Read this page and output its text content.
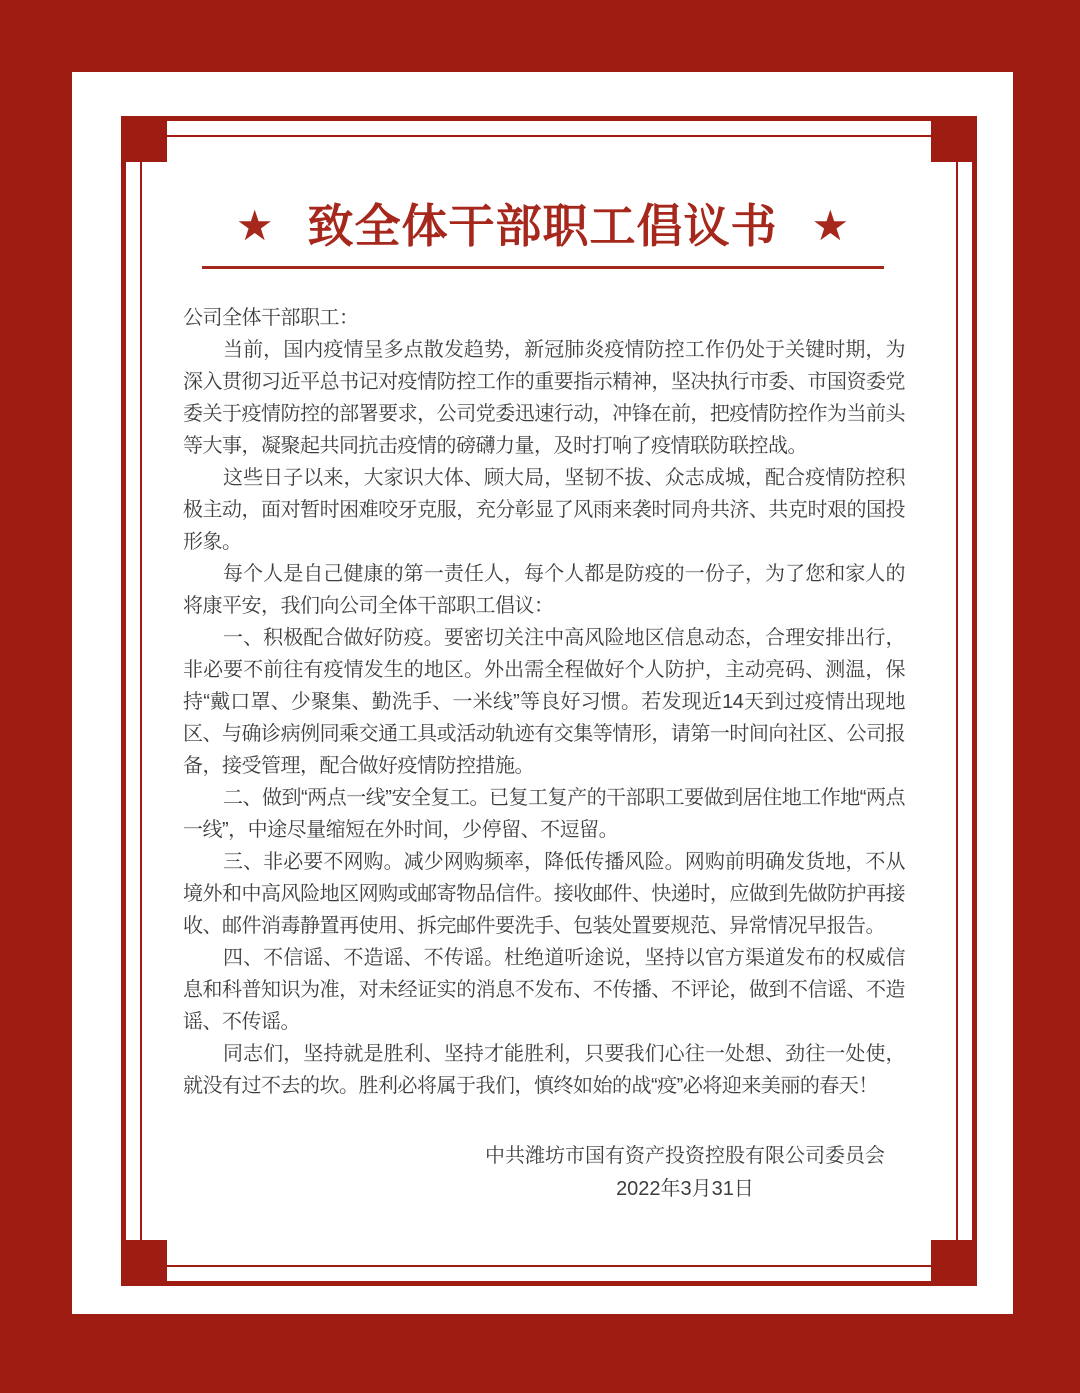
★ 致全体干部职工倡议书 ★

公司全体干部职工：

当前，国内疫情呈多点散发趋势，新冠肺炎疫情防控工作仍处于关键时期，为深入贯彻习近平总书记对疫情防控工作的重要指示精神，坚决执行市委、市国资委党委关于疫情防控的部署要求，公司党委迅速行动，冲锋在前，把疫情防控作为当前头等大事，凝聚起共同抗击疫情的磅礴力量，及时打响了疫情联防联控战。

这些日子以来，大家识大体、顾大局，坚韧不拔、众志成城，配合疫情防控积极主动，面对暂时困难咬牙克服，充分彰显了风雨来袭时同舟共济、共克时艰的国投形象。

每个人是自己健康的第一责任人，每个人都是防疫的一份子，为了您和家人的将康平安，我们向公司全体干部职工倡议：

一、积极配合做好防疫。要密切关注中高风险地区信息动态，合理安排出行，非必要不前往有疫情发生的地区。外出需全程做好个人防护，主动亮码、测温，保持“戴口罩、少聚集、勤洗手、一米线”等良好习惯。若发现近14天到过疫情出现地区、与确诊病例同乘交通工具或活动轨迹有交集等情形，请第一时间向社区、公司报备，接受管理，配合做好疫情防控措施。

二、做到“两点一线”安全复工。已复工复产的干部职工要做到居住地工作地“两点一线”，中途尽量缩短在外时间，少停留、不逗留。

三、非必要不网购。减少网购频率，降低传播风险。网购前明确发货地，不从境外和中高风险地区网购或邮寄物品信件。接收邮件、快递时，应做到先做防护再接收、邮件消毒静置再使用、拆完邮件要洗手、包装处置要规范、异常情况早报告。

四、不信谣、不造谣、不传谣。杜绝道听途说，坚持以官方渠道发布的权威信息和科普知识为准，对未经证实的消息不发布、不传播、不评论，做到不信谣、不造谣、不传谣。

同志们，坚持就是胜利、坚持才能胜利，只要我们心往一处想、劲往一处使，就没有过不去的坎。胜利必将属于我们，慎终如始的战“疫”必将迎来美丽的春天！

中共潍坊市国有资产投资控股有限公司委员会
2022年3月31日
